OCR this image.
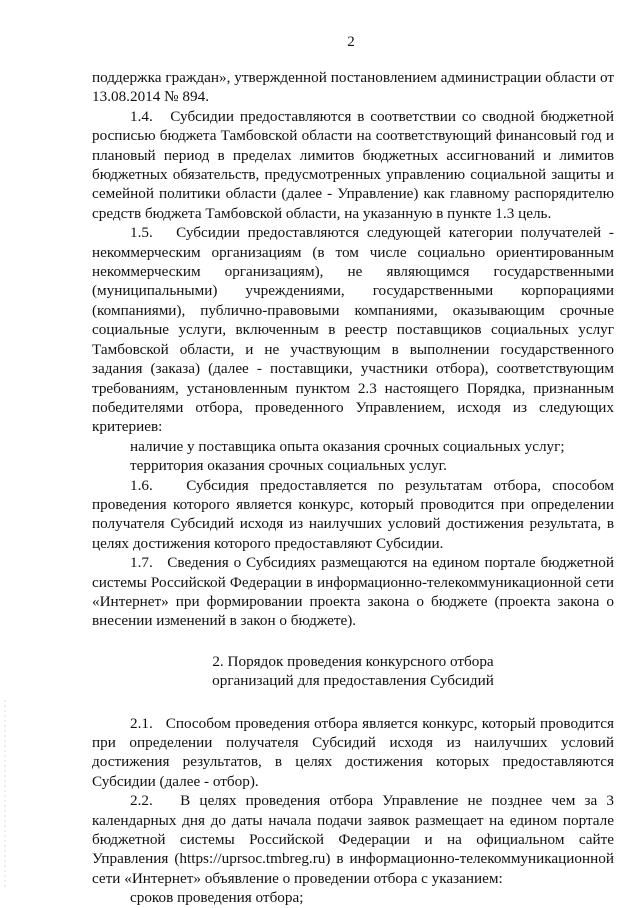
2

поддержка граждан», утвержденной постановлением администрации области от 13.08.2014 № 894.

1.4.   Субсидии предоставляются в соответствии со сводной бюджетной росписью бюджета Тамбовской области на соответствующий финансовый год и плановый период в пределах лимитов бюджетных ассигнований и лимитов бюджетных обязательств, предусмотренных управлению социальной защиты и семейной политики области (далее - Управление) как главному распорядителю средств бюджета Тамбовской области, на указанную в пункте 1.3 цель.

1.5.   Субсидии предоставляются следующей категории получателей - некоммерческим организациям (в том числе социально ориентированным некоммерческим организациям), не являющимся государственными (муниципальными) учреждениями, государственными корпорациями (компаниями), публично-правовыми компаниями, оказывающим срочные социальные услуги, включенным в реестр поставщиков социальных услуг Тамбовской области, и не участвующим в выполнении государственного задания (заказа) (далее - поставщики, участники отбора), соответствующим требованиям, установленным пунктом 2.3 настоящего Порядка, признанным победителями отбора, проведенного Управлением, исходя из следующих критериев:

наличие у поставщика опыта оказания срочных социальных услуг;

территория оказания срочных социальных услуг.

1.6.   Субсидия предоставляется по результатам отбора, способом проведения которого является конкурс, который проводится при определении получателя Субсидий исходя из наилучших условий достижения результата, в целях достижения которого предоставляют Субсидии.

1.7.   Сведения о Субсидиях размещаются на едином портале бюджетной системы Российской Федерации в информационно-телекоммуникационной сети «Интернет» при формировании проекта закона о бюджете (проекта закона о внесении изменений в закон о бюджете).

2. Порядок проведения конкурсного отбора

организаций для предоставления Субсидий

2.1.   Способом проведения отбора является конкурс, который проводится при определении получателя Субсидий исходя из наилучших условий достижения результатов, в целях достижения которых предоставляются Субсидии (далее - отбор).

2.2.   В целях проведения отбора Управление не позднее чем за 3 календарных дня до даты начала подачи заявок размещает на едином портале бюджетной системы Российской Федерации и на официальном сайте Управления (https://uprsoc.tmbreg.ru) в информационно-телекоммуникационной сети «Интернет» объявление о проведении отбора с указанием:

сроков проведения отбора;
